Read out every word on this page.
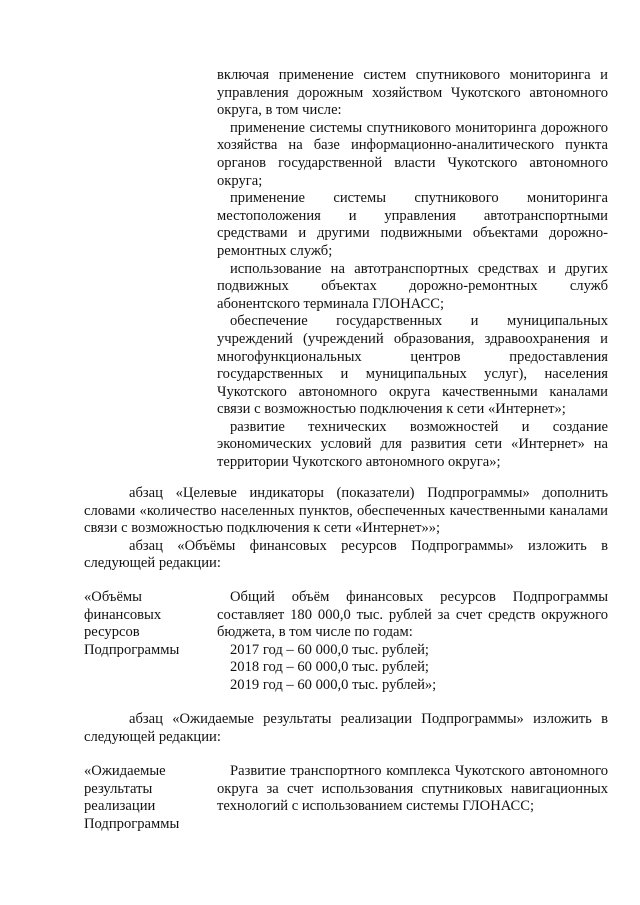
включая применение систем спутникового мониторинга и управления дорожным хозяйством Чукотского автономного округа, в том числе:

применение системы спутникового мониторинга дорожного хозяйства на базе информационно-аналитического пункта органов государственной власти Чукотского автономного округа;

применение системы спутникового мониторинга местоположения и управления автотранспортными средствами и другими подвижными объектами дорожно-ремонтных служб;

использование на автотранспортных средствах и других подвижных объектах дорожно-ремонтных служб абонентского терминала ГЛОНАСС;

обеспечение государственных и муниципальных учреждений (учреждений образования, здравоохранения и многофункциональных центров предоставления государственных и муниципальных услуг), населения Чукотского автономного округа качественными каналами связи с возможностью подключения к сети «Интернет»;

развитие технических возможностей и создание экономических условий для развития сети «Интернет» на территории Чукотского автономного округа»;

абзац «Целевые индикаторы (показатели) Подпрограммы» дополнить словами «количество населенных пунктов, обеспеченных качественными каналами связи с возможностью подключения к сети «Интернет»»;

абзац «Объёмы финансовых ресурсов Подпрограммы» изложить в следующей редакции:

«Объёмы
финансовых
ресурсов
Подпрограммы

Общий объём финансовых ресурсов Подпрограммы составляет 180 000,0 тыс. рублей за счет средств окружного бюджета, в том числе по годам:

2017 год – 60 000,0 тыс. рублей;
2018 год – 60 000,0 тыс. рублей;
2019 год – 60 000,0 тыс. рублей»;

абзац «Ожидаемые результаты реализации Подпрограммы» изложить в следующей редакции:

«Ожидаемые
результаты
реализации
Подпрограммы

Развитие транспортного комплекса Чукотского автономного округа за счет использования спутниковых навигационных технологий с использованием системы ГЛОНАСС;
